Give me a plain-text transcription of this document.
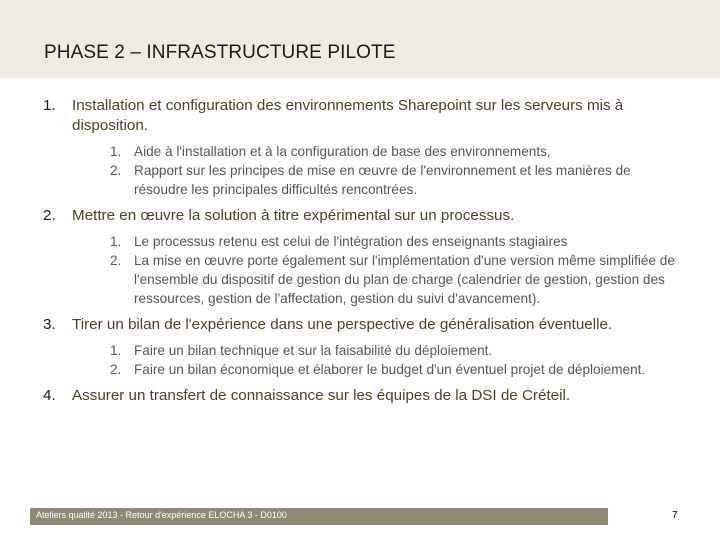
PHASE 2 – INFRASTRUCTURE PILOTE
1. Installation et configuration des environnements Sharepoint sur les serveurs mis à disposition.
1. Aide à l'installation et à la configuration de base des environnements,
2. Rapport sur les principes de mise en œuvre de l'environnement et les manières de résoudre les principales difficultés rencontrées.
2. Mettre en œuvre la solution à titre expérimental sur un processus.
1. Le processus retenu est celui de l'intégration des enseignants stagiaires
2. La mise en œuvre porte également sur l'implémentation d'une version même simplifiée de l'ensemble du dispositif de gestion du plan de charge (calendrier de gestion, gestion des ressources, gestion de l'affectation, gestion du suivi d'avancement).
3. Tirer un bilan de l'expérience dans une perspective de généralisation éventuelle.
1. Faire un bilan technique et sur la faisabilité du déploiement.
2. Faire un bilan économique et élaborer le budget d'un éventuel projet de déploiement.
4. Assurer un transfert de connaissance sur les équipes de la DSI de Créteil.
Ateliers qualité 2013 - Retour d'expérience ELOCHA 3 - D0100	7
